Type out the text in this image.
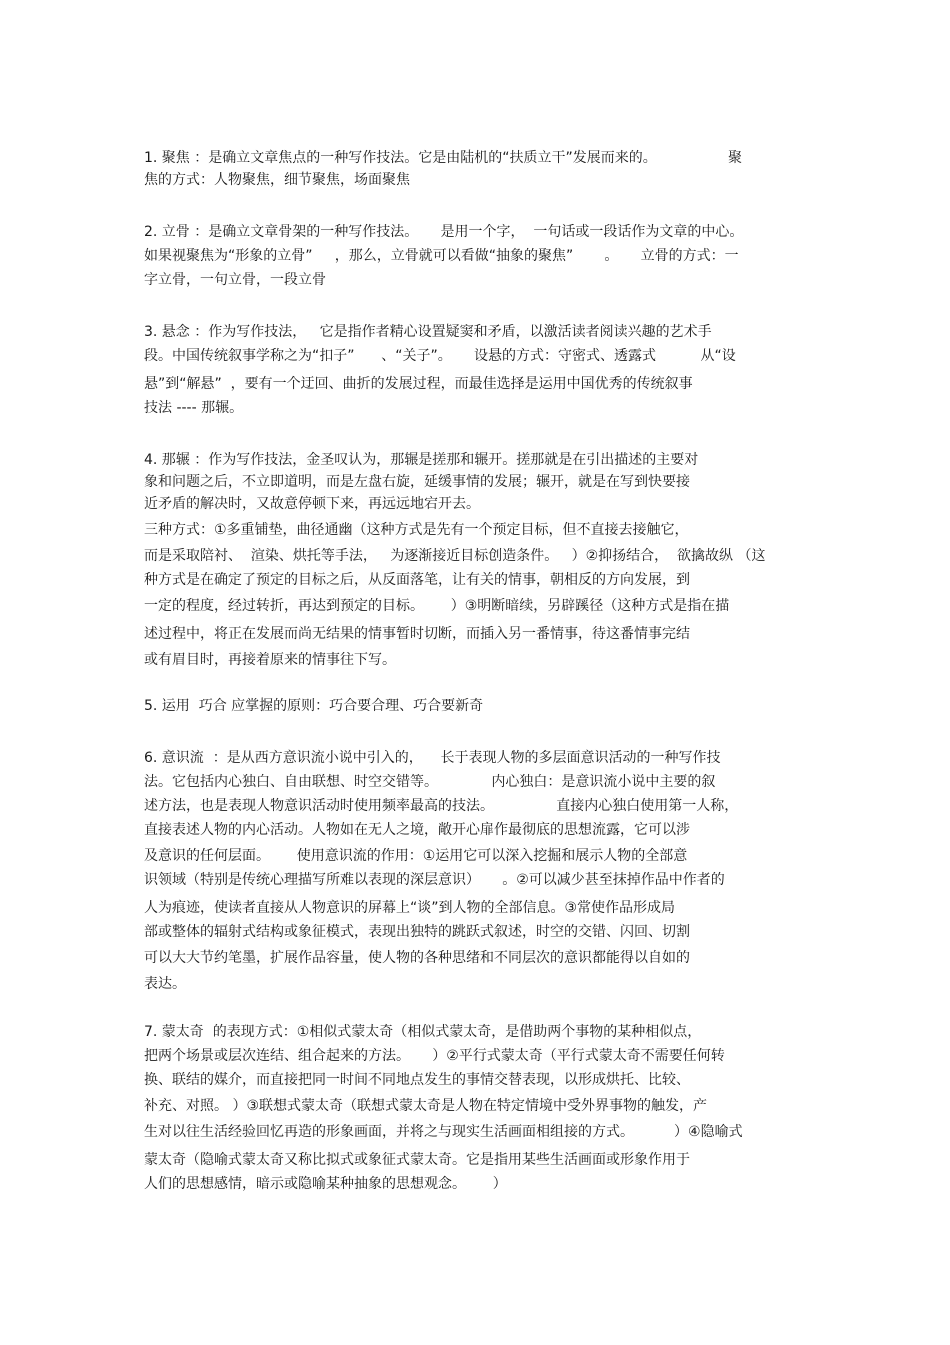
1. 聚焦 ：是确立文章焦点的一种写作技法。它是由陆机的“扶质立干”发展而来的。                聚
焦的方式：人物聚焦，细节聚焦，场面聚焦
2. 立骨 ：是确立文章骨架的一种写作技法。     是用一个字，  一句话或一段话作为文章的中心。
如果视聚焦为“形象的立骨”     ，那么，立骨就可以看做“抽象的聚焦”       。     立骨的方式：一
字立骨，一句立骨，一段立骨
3. 悬念 ：作为写作技法，   它是指作者精心设置疑窦和矛盾，以激活读者阅读兴趣的艺术手
段。中国传统叙事学称之为“扣子”      、“关子”。     设悬的方式：守密式、透露式          从“设
悬”到“解悬”  ，要有一个迂回、曲折的发展过程，而最佳选择是运用中国优秀的传统叙事
技法 ---- 那辗。
4. 那辗 ：作为写作技法，金圣叹认为，那辗是搓那和辗开。搓那就是在引出描述的主要对
象和问题之后，不立即道明，而是左盘右旋，延缓事情的发展；辗开，就是在写到快要接
近矛盾的解决时，又故意停顿下来，再远远地宕开去。
三种方式：①多重铺垫，曲径通幽（这种方式是先有一个预定目标，但不直接去接触它，
而是采取陪衬、  渲染、烘托等手法，   为逐渐接近目标创造条件。   ）②抑扬结合，  欲擒故纵 （这
种方式是在确定了预定的目标之后，从反面落笔，让有关的情事，朝相反的方向发展，到
一定的程度，经过转折，再达到预定的目标。      ）③明断暗续，另辟蹊径（这种方式是指在描
述过程中，将正在发展而尚无结果的情事暂时切断，而插入另一番情事，待这番情事完结
或有眉目时，再接着原来的情事往下写。
5. 运用  巧合 应掌握的原则：巧合要合理、巧合要新奇
6. 意识流  ：是从西方意识流小说中引入的，    长于表现人物的多层面意识活动的一种写作技
法。它包括内心独白、自由联想、时空交错等。            内心独白：是意识流小说中主要的叙
述方法，也是表现人物意识活动时使用频率最高的技法。              直接内心独白使用第一人称，
直接表述人物的内心活动。人物如在无人之境，敞开心扉作最彻底的思想流露，它可以涉
及意识的任何层面。      使用意识流的作用：①运用它可以深入挖掘和展示人物的全部意
识领域（特别是传统心理描写所难以表现的深层意识）     。②可以减少甚至抹掉作品中作者的
人为痕迹，使读者直接从人物意识的屏幕上“谈”到人物的全部信息。③常使作品形成局
部或整体的辐射式结构或象征模式，表现出独特的跳跃式叙述，时空的交错、闪回、切割
可以大大节约笔墨，扩展作品容量，使人物的各种思绪和不同层次的意识都能得以自如的
表达。
7. 蒙太奇  的表现方式：①相似式蒙太奇（相似式蒙太奇，是借助两个事物的某种相似点，
把两个场景或层次连结、组合起来的方法。     ）②平行式蒙太奇（平行式蒙太奇不需要任何转
换、联结的媒介，而直接把同一时间不同地点发生的事情交替表现，以形成烘托、比较、
补充、对照。 ）③联想式蒙太奇（联想式蒙太奇是人物在特定情境中受外界事物的触发，产
生对以往生活经验回忆再造的形象画面，并将之与现实生活画面相组接的方式。         ）④隐喻式
蒙太奇（隐喻式蒙太奇又称比拟式或象征式蒙太奇。它是指用某些生活画面或形象作用于
人们的思想感情，暗示或隐喻某种抽象的思想观念。      ）
